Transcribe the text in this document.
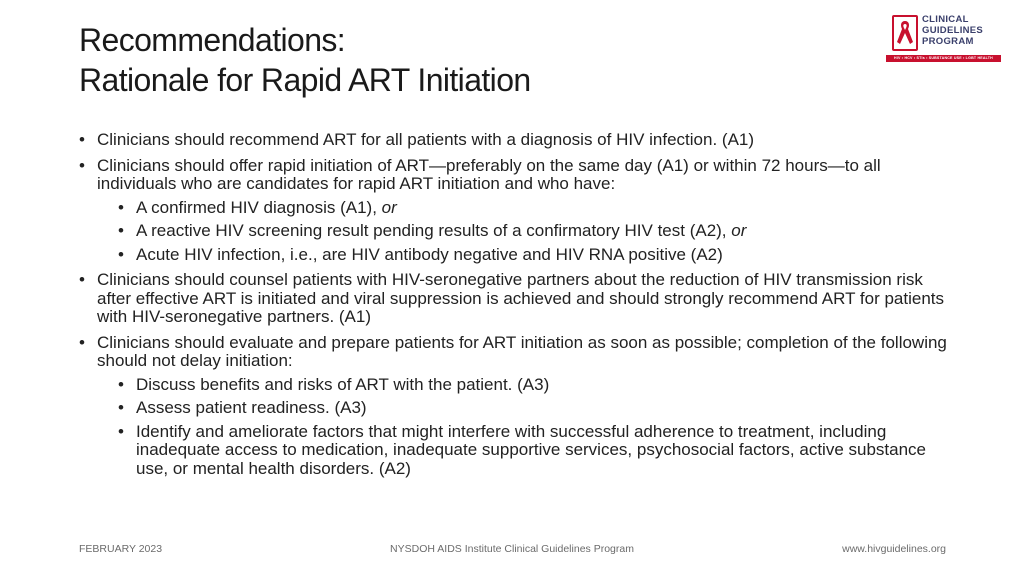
Recommendations:
Rationale for Rapid ART Initiation
CLINICAL
GUIDELINES
PROGRAM
HIV • HCV • STIs • SUBSTANCE USE • LGBT HEALTH
• Clinicians should recommend ART for all patients with a diagnosis of HIV infection. (A1)
• Clinicians should offer rapid initiation of ART—preferably on the same day (A1) or within 72 hours—to all individuals who are candidates for rapid ART initiation and who have:
• A confirmed HIV diagnosis (A1), or
• A reactive HIV screening result pending results of a confirmatory HIV test (A2), or
• Acute HIV infection, i.e., are HIV antibody negative and HIV RNA positive (A2)
• Clinicians should counsel patients with HIV-seronegative partners about the reduction of HIV transmission risk after effective ART is initiated and viral suppression is achieved and should strongly recommend ART for patients with HIV-seronegative partners. (A1)
• Clinicians should evaluate and prepare patients for ART initiation as soon as possible; completion of the following should not delay initiation:
• Discuss benefits and risks of ART with the patient. (A3)
• Assess patient readiness. (A3)
• Identify and ameliorate factors that might interfere with successful adherence to treatment, including inadequate access to medication, inadequate supportive services, psychosocial factors, active substance use, or mental health disorders. (A2)
FEBRUARY 2023	NYSDOH AIDS Institute Clinical Guidelines Program	www.hivguidelines.org
